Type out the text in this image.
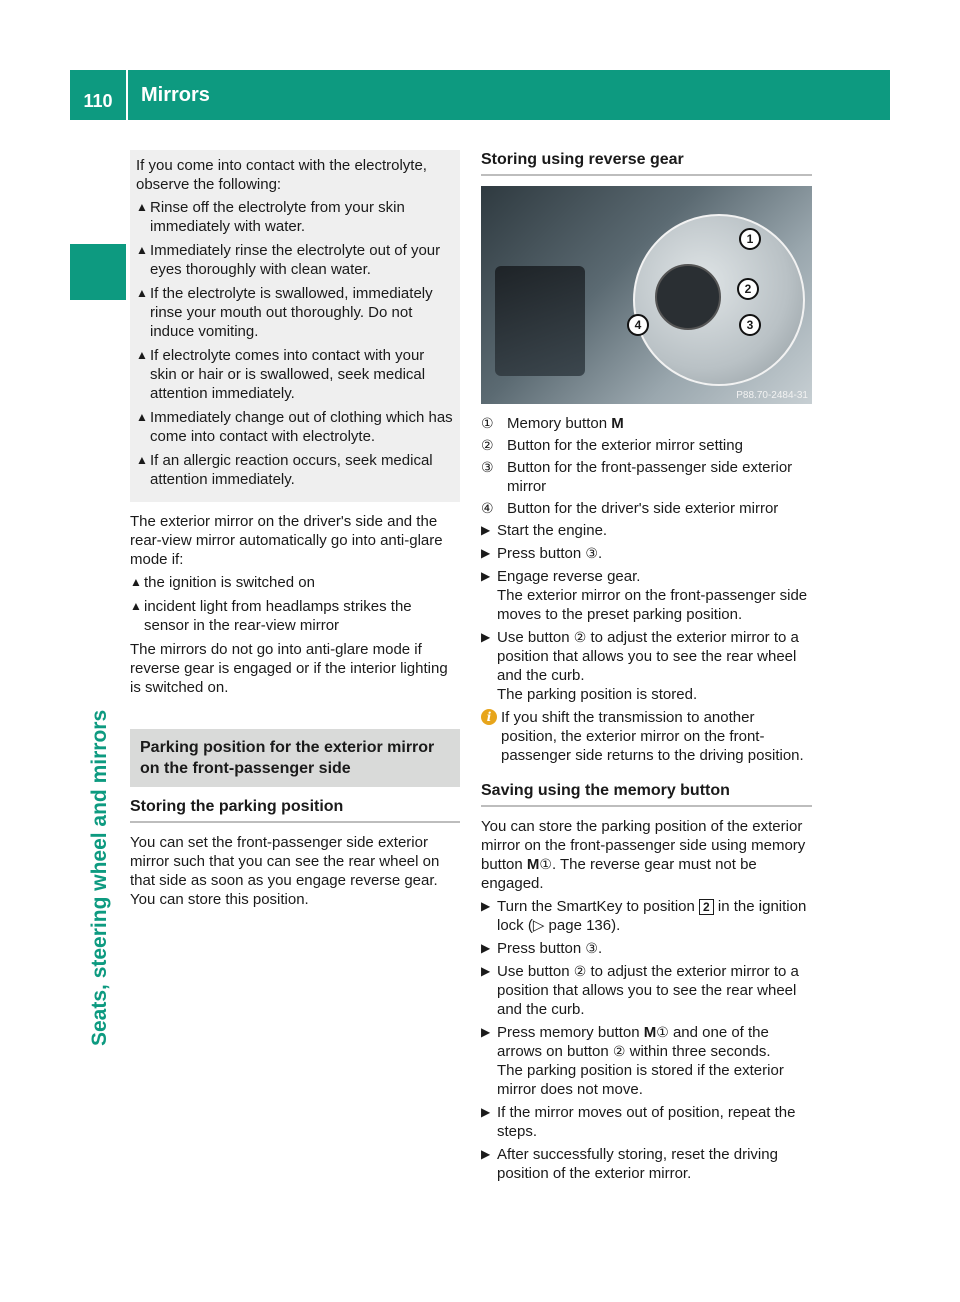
110	Mirrors
Seats, steering wheel and mirrors

If you come into contact with the electrolyte, observe the following:

▲ Rinse off the electrolyte from your skin immediately with water.
▲ Immediately rinse the electrolyte out of your eyes thoroughly with clean water.
▲ If the electrolyte is swallowed, immediately rinse your mouth out thoroughly. Do not induce vomiting.
▲ If electrolyte comes into contact with your skin or hair or is swallowed, seek medical attention immediately.
▲ Immediately change out of clothing which has come into contact with electrolyte.
▲ If an allergic reaction occurs, seek medical attention immediately.

The exterior mirror on the driver's side and the rear-view mirror automatically go into anti-glare mode if:

▲ the ignition is switched on
▲ incident light from headlamps strikes the sensor in the rear-view mirror

The mirrors do not go into anti-glare mode if reverse gear is engaged or if the interior lighting is switched on.

Parking position for the exterior mirror on the front-passenger side
Storing the parking position

You can set the front-passenger side exterior mirror such that you can see the rear wheel on that side as soon as you engage reverse gear. You can store this position.

Storing using reverse gear
1
2
3
4
P88.70-2484-31
① Memory button M
② Button for the exterior mirror setting
③ Button for the front-passenger side exterior mirror
④ Button for the driver's side exterior mirror
▶ Start the engine.
▶ Press button ③.
▶ Engage reverse gear.
The exterior mirror on the front-passenger side moves to the preset parking position.
▶ Use button ② to adjust the exterior mirror to a position that allows you to see the rear wheel and the curb.
The parking position is stored.
i If you shift the transmission to another position, the exterior mirror on the front-passenger side returns to the driving position.
Saving using the memory button

You can store the parking position of the exterior mirror on the front-passenger side using memory button M①. The reverse gear must not be engaged.

▶ Turn the SmartKey to position 2 in the ignition lock (▷ page 136).
▶ Press button ③.
▶ Use button ② to adjust the exterior mirror to a position that allows you to see the rear wheel and the curb.
▶ Press memory button M① and one of the arrows on button ② within three seconds.
The parking position is stored if the exterior mirror does not move.
▶ If the mirror moves out of position, repeat the steps.
▶ After successfully storing, reset the driving position of the exterior mirror.
